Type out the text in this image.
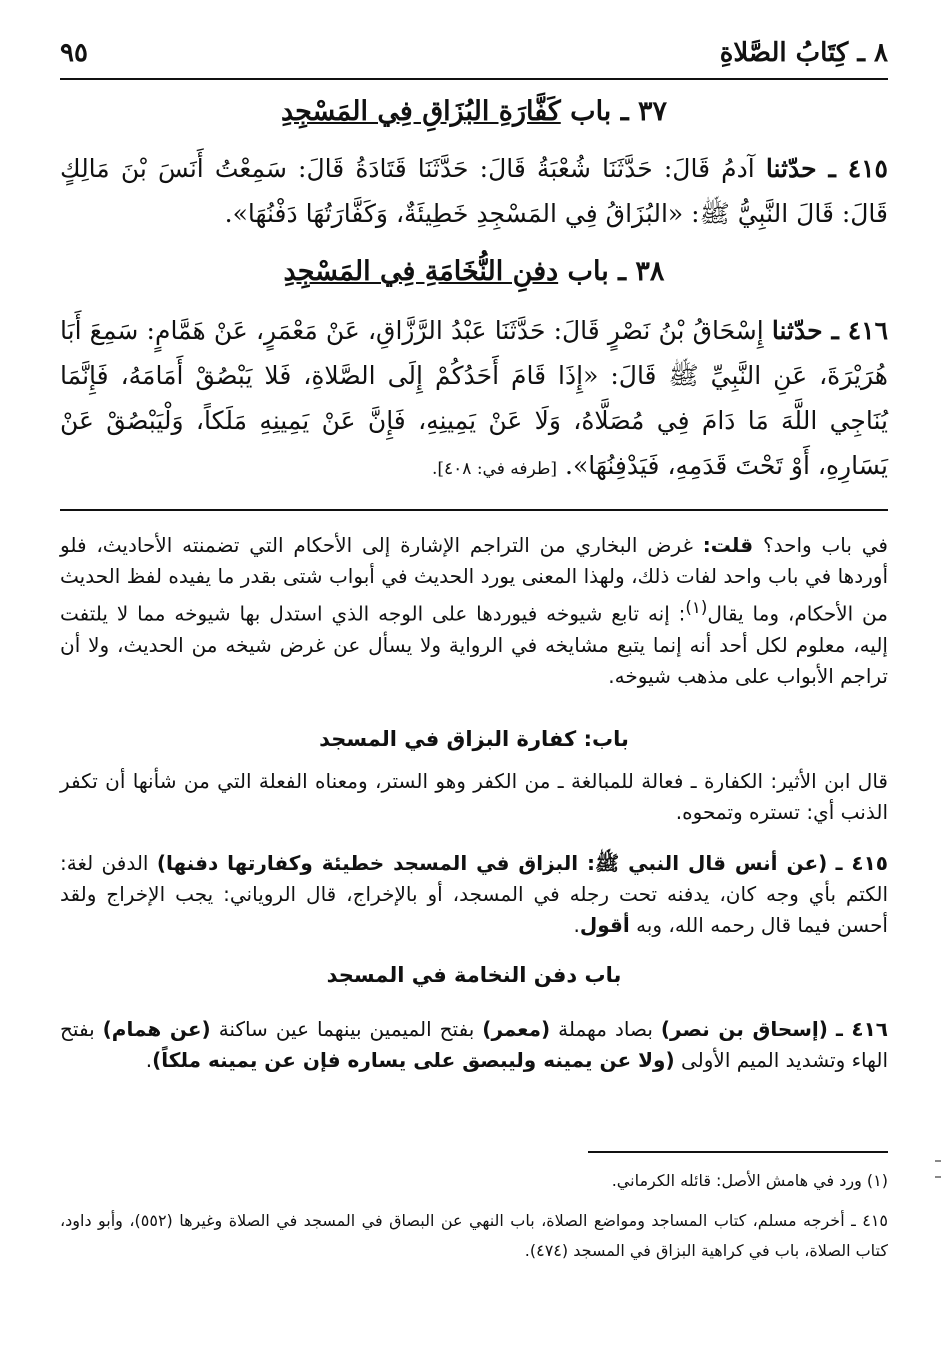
٨ ـ كِتَابُ الصَّلاةِ
٩٥
٣٧ ـ باب كَفَّارَةِ البُزَاقِ فِي المَسْجِدِ
٤١٥ ـ حدّثنا آدمُ قَالَ: حَدَّثَنَا شُعْبَةُ قَالَ: حَدَّثَنَا قَتَادَةُ قَالَ: سَمِعْتُ أَنَسَ بْنَ مَالِكٍ قَالَ: قَالَ النَّبِيُّ ﷺ: «البُزَاقُ فِي المَسْجِدِ خَطِيئَةٌ، وَكَفَّارَتُهَا دَفْنُهَا».
٣٨ ـ باب دفنِ النُّخَامَةِ فِي المَسْجِدِ
٤١٦ ـ حدّثنا إِسْحَاقُ بْنُ نَصْرٍ قَالَ: حَدَّثَنَا عَبْدُ الرَّزَّاقِ، عَنْ مَعْمَرٍ، عَنْ هَمَّامٍ: سَمِعَ أَبَا هُرَيْرَةَ، عَنِ النَّبِيِّ ﷺ قَالَ: «إِذَا قَامَ أَحَدُكُمْ إِلَى الصَّلاةِ، فَلا يَبْصُقْ أَمَامَهُ، فَإِنَّمَا يُنَاجِي اللَّهَ مَا دَامَ فِي مُصَلَّاهُ، وَلَا عَنْ يَمِينِهِ، فَإِنَّ عَنْ يَمِينِهِ مَلَكاً، وَلْيَبْصُقْ عَنْ يَسَارِهِ، أَوْ تَحْتَ قَدَمِهِ، فَيَدْفِنُهَا». [طرفه في: ٤٠٨].
في باب واحد؟ قلت: غرض البخاري من التراجم الإشارة إلى الأحكام التي تضمنته الأحاديث، فلو أوردها في باب واحد لفات ذلك، ولهذا المعنى يورد الحديث في أبواب شتى بقدر ما يفيده لفظ الحديث من الأحكام، وما يقال$^{(١)}$: إنه تابع شيوخه فيوردها على الوجه الذي استدل بها شيوخه مما لا يلتفت إليه، معلوم لكل أحد أنه إنما يتبع مشايخه في الرواية ولا يسأل عن غرض شيخه من الحديث، ولا أن تراجم الأبواب على مذهب شيوخه.
باب: كفارة البزاق في المسجد
قال ابن الأثير: الكفارة ـ فعالة للمبالغة ـ من الكفر وهو الستر، ومعناه الفعلة التي من شأنها أن تكفر الذنب أي: تستره وتمحوه.
٤١٥ ـ (عن أنس قال النبي ﷺ: البزاق في المسجد خطيئة وكفارتها دفنها) الدفن لغة: الكتم بأي وجه كان، يدفنه تحت رجله في المسجد، أو بالإخراج، قال الروياني: يجب الإخراج ولقد أحسن فيما قال رحمه الله، وبه أقول.
باب دفن النخامة في المسجد
٤١٦ ـ (إسحاق بن نصر) بصاد مهملة (معمر) بفتح الميمين بينهما عين ساكنة (عن همام) بفتح الهاء وتشديد الميم الأولى (ولا عن يمينه وليبصق على يساره فإن عن يمينه ملكاً).
(١) ورد في هامش الأصل: قائله الكرماني.
٤١٥ ـ أخرجه مسلم، كتاب المساجد ومواضع الصلاة، باب النهي عن البصاق في المسجد في الصلاة وغيرها (٥٥٢)، وأبو داود، كتاب الصلاة، باب في كراهية البزاق في المسجد (٤٧٤).
